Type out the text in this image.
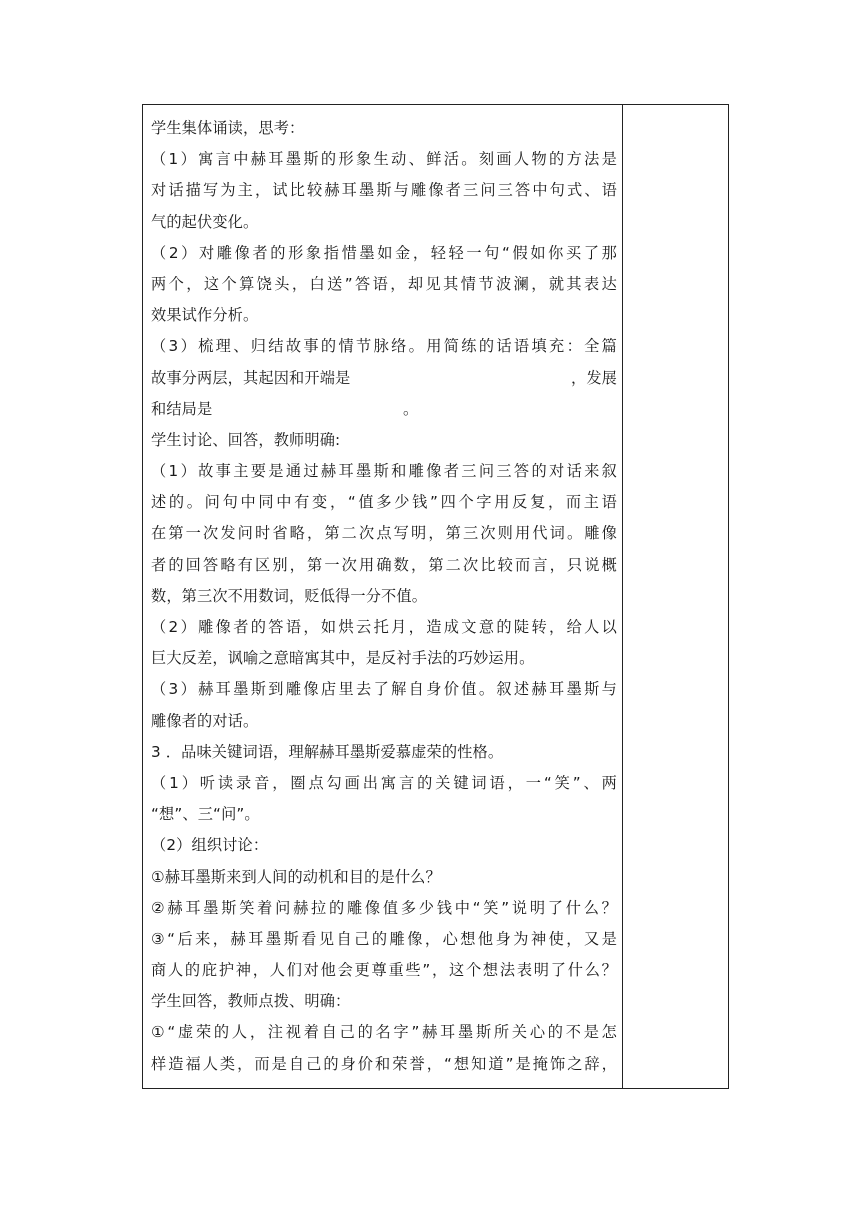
学生集体诵读，思考：
（1）寓言中赫耳墨斯的形象生动、鲜活。刻画人物的方法是
对话描写为主，试比较赫耳墨斯与雕像者三问三答中句式、语
气的起伏变化。
（2）对雕像者的形象指惜墨如金，轻轻一句“假如你买了那
两个，这个算饶头，白送”答语，却见其情节波澜，就其表达
效果试作分析。
（3）梳理、归结故事的情节脉络。用简练的话语填充：全篇
故事分两层，其起因和开端是	，发展
和结局是	。
学生讨论、回答，教师明确:
（1）故事主要是通过赫耳墨斯和雕像者三问三答的对话来叙
述的。问句中同中有变，“值多少钱”四个字用反复，而主语
在第一次发问时省略，第二次点写明，第三次则用代词。雕像
者的回答略有区别，第一次用确数，第二次比较而言，只说概
数，第三次不用数词，贬低得一分不值。
（2）雕像者的答语，如烘云托月，造成文意的陡转，给人以
巨大反差，讽喻之意暗寓其中，是反衬手法的巧妙运用。
（3）赫耳墨斯到雕像店里去了解自身价值。叙述赫耳墨斯与
雕像者的对话。
3 ．品味关键词语，理解赫耳墨斯爱慕虚荣的性格。
（1）听读录音，圈点勾画出寓言的关键词语，一“笑”、两
“想”、三“问”。
（2）组织讨论：
①赫耳墨斯来到人间的动机和目的是什么？
②赫耳墨斯笑着问赫拉的雕像值多少钱中“笑”说明了什么？
③“后来，赫耳墨斯看见自己的雕像，心想他身为神使，又是
商人的庇护神，人们对他会更尊重些”，这个想法表明了什么？
学生回答，教师点拨、明确：
①“虚荣的人，注视着自己的名字”赫耳墨斯所关心的不是怎
样造福人类，而是自己的身价和荣誉，“想知道”是掩饰之辞，
